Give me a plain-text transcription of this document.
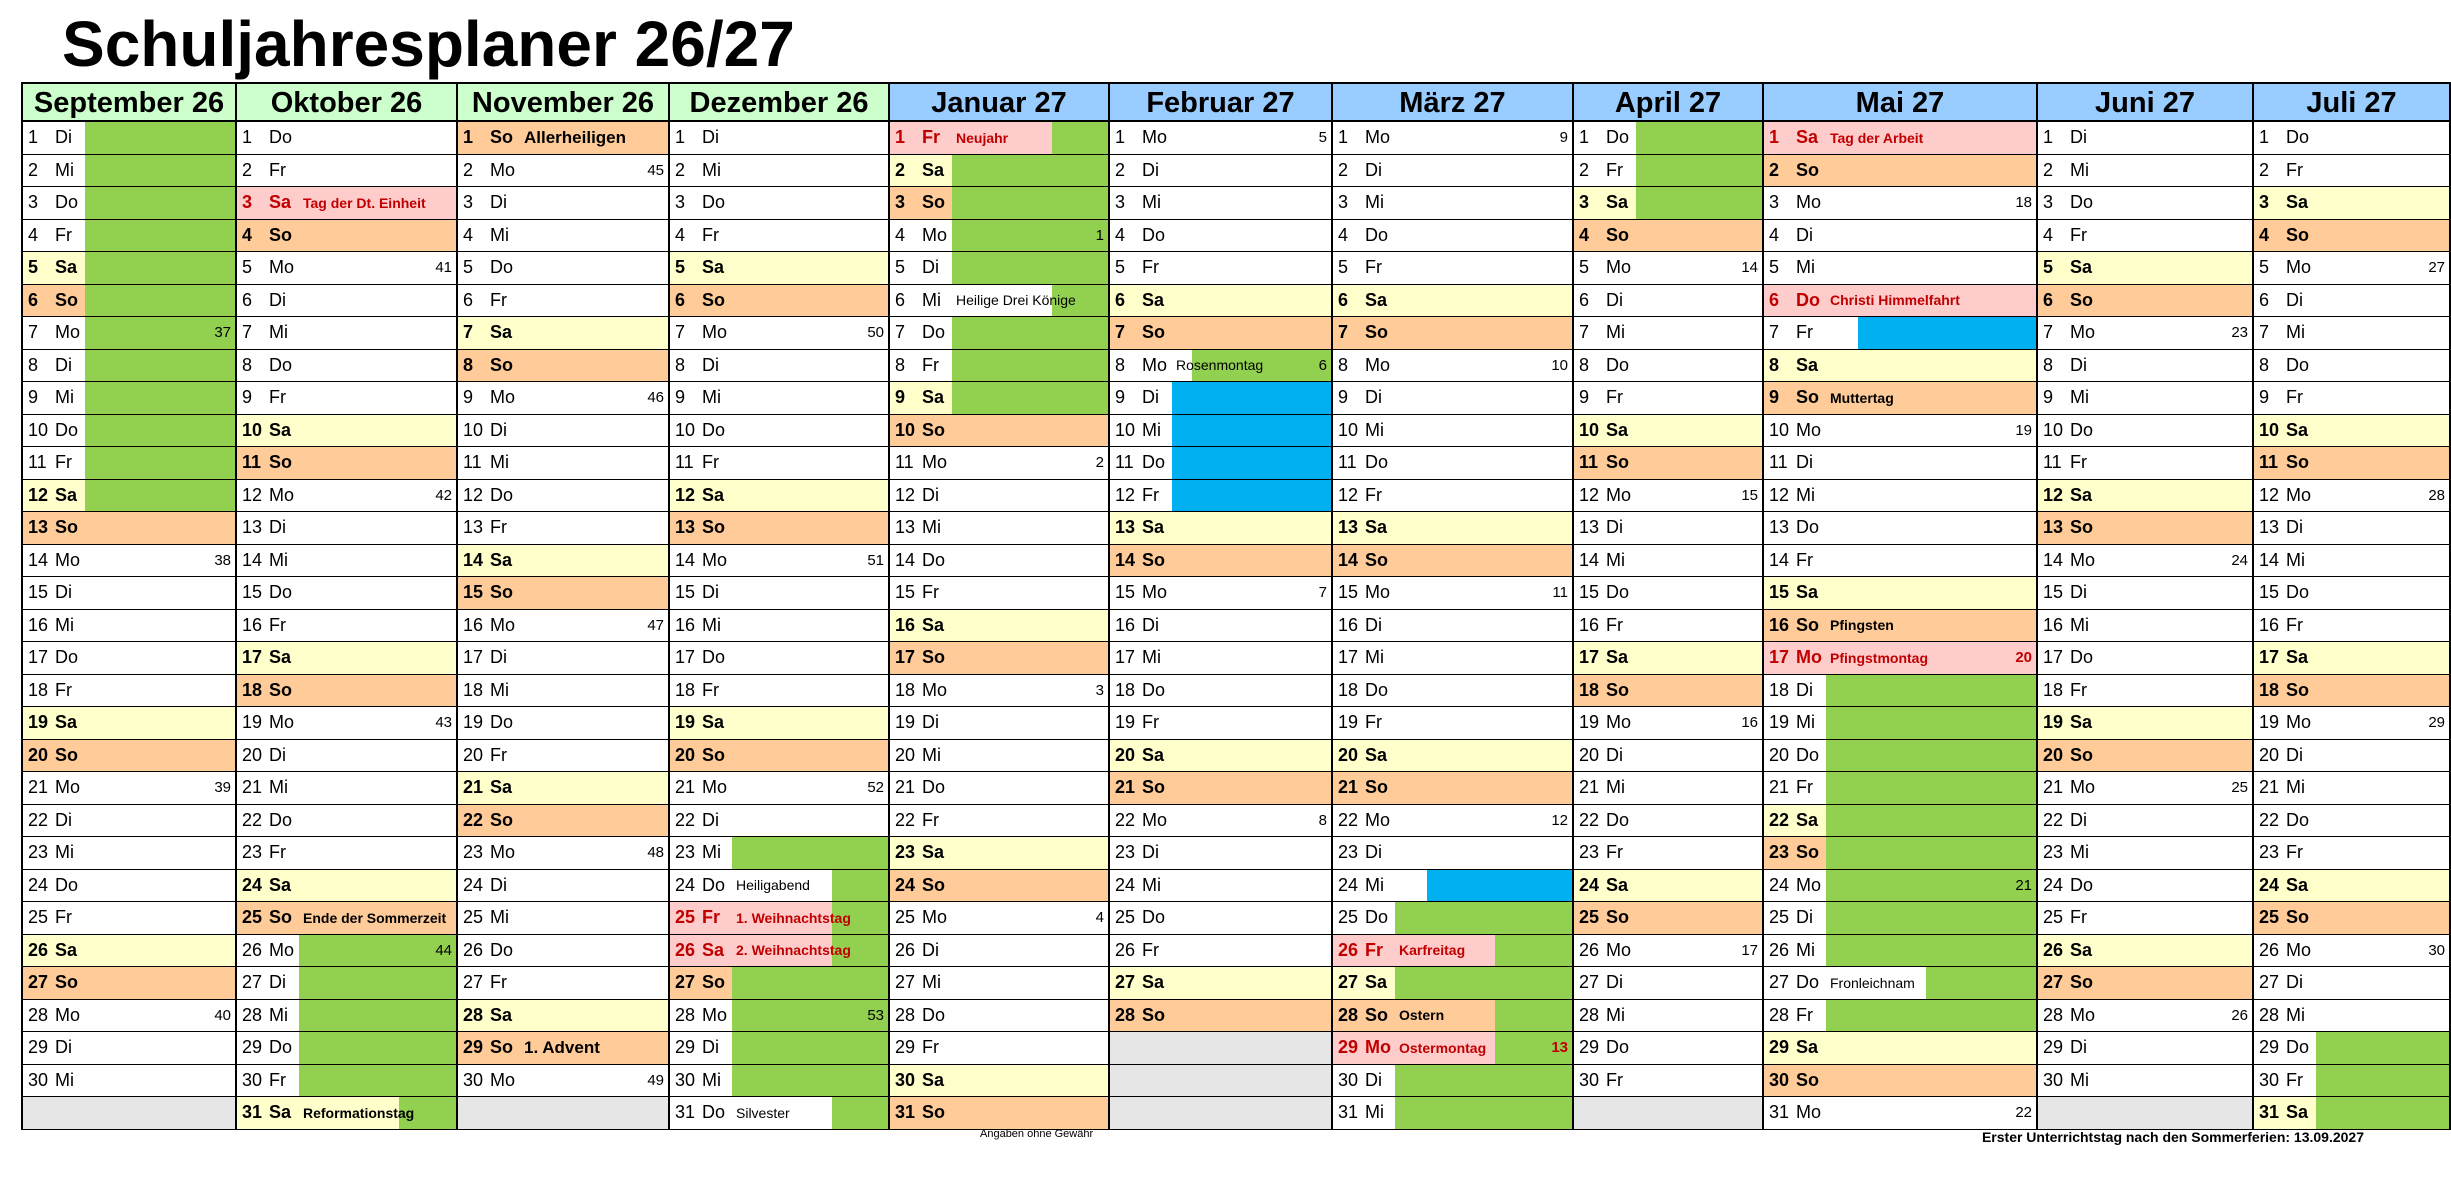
Schuljahresplaner 26/27
September 26
1 Di
2 Mi
3 Do
4 Fr
5 Sa
6 So
7 Mo	37
8 Di
9 Mi
10 Do
11 Fr
12 Sa
13 So
14 Mo	38
15 Di
16 Mi
17 Do
18 Fr
19 Sa
20 So
21 Mo	39
22 Di
23 Mi
24 Do
25 Fr
26 Sa
27 So
28 Mo	40
29 Di
30 Mi
Oktober 26
1 Do
2 Fr
3 Sa Tag der Dt. Einheit
4 So
5 Mo	41
6 Di
7 Mi
8 Do
9 Fr
10 Sa
11 So
12 Mo	42
13 Di
14 Mi
15 Do
16 Fr
17 Sa
18 So
19 Mo	43
20 Di
21 Mi
22 Do
23 Fr
24 Sa
25 So Ende der Sommerzeit
26 Mo	44
27 Di
28 Mi
29 Do
30 Fr
31 Sa Reformationstag
November 26
1 So Allerheiligen
2 Mo	45
3 Di
4 Mi
5 Do
6 Fr
7 Sa
8 So
9 Mo	46
10 Di
11 Mi
12 Do
13 Fr
14 Sa
15 So
16 Mo	47
17 Di
18 Mi
19 Do
20 Fr
21 Sa
22 So
23 Mo	48
24 Di
25 Mi
26 Do
27 Fr
28 Sa
29 So 1. Advent
30 Mo	49
Dezember 26
1 Di
2 Mi
3 Do
4 Fr
5 Sa
6 So
7 Mo	50
8 Di
9 Mi
10 Do
11 Fr
12 Sa
13 So
14 Mo	51
15 Di
16 Mi
17 Do
18 Fr
19 Sa
20 So
21 Mo	52
22 Di
23 Mi
24 Do Heiligabend
25 Fr	1. Weihnachtstag
26 Sa 2. Weihnachtstag
27 So
28 Mo	53
29 Di
30 Mi
31 Do Silvester
Januar 27
1 Fr	Neujahr
2 Sa
3 So
4 Mo	1
5 Di
6 Mi	Heilige Drei Könige
7 Do
8 Fr
9 Sa
10 So
11 Mo	2
12 Di
13 Mi
14 Do
15 Fr
16 Sa
17 So
18 Mo	3
19 Di
20 Mi
21 Do
22 Fr
23 Sa
24 So
25 Mo	4
26 Di
27 Mi
28 Do
29 Fr
30 Sa
31 So
Februar 27
1 Mo	5
2 Di
3 Mi
4 Do
5 Fr
6 Sa
7 So
8 Mo Rosenmontag	6
9 Di
10 Mi
11 Do
12 Fr
13 Sa
14 So
15 Mo	7
16 Di
17 Mi
18 Do
19 Fr
20 Sa
21 So
22 Mo	8
23 Di
24 Mi
25 Do
26 Fr
27 Sa
28 So
März 27
1 Mo	9
2 Di
3 Mi
4 Do
5 Fr
6 Sa
7 So
8 Mo	10
9 Di
10 Mi
11 Do
12 Fr
13 Sa
14 So
15 Mo	11
16 Di
17 Mi
18 Do
19 Fr
20 Sa
21 So
22 Mo	12
23 Di
24 Mi
25 Do
26 Fr	Karfreitag
27 Sa
28 So Ostern
29 Mo Ostermontag	13
30 Di
31 Mi
April 27
1 Do
2 Fr
3 Sa
4 So
5 Mo	14
6 Di
7 Mi
8 Do
9 Fr
10 Sa
11 So
12 Mo	15
13 Di
14 Mi
15 Do
16 Fr
17 Sa
18 So
19 Mo	16
20 Di
21 Mi
22 Do
23 Fr
24 Sa
25 So
26 Mo	17
27 Di
28 Mi
29 Do
30 Fr
Mai 27
1 Sa Tag der Arbeit
2 So
3 Mo	18
4 Di
5 Mi
6 Do Christi Himmelfahrt
7 Fr
8 Sa
9 So Muttertag
10 Mo	19
11 Di
12 Mi
13 Do
14 Fr
15 Sa
16 So Pfingsten
17 Mo Pfingstmontag	20
18 Di
19 Mi
20 Do
21 Fr
22 Sa
23 So
24 Mo	21
25 Di
26 Mi
27 Do Fronleichnam
28 Fr
29 Sa
30 So
31 Mo	22
Juni 27
1 Di
2 Mi
3 Do
4 Fr
5 Sa
6 So
7 Mo	23
8 Di
9 Mi
10 Do
11 Fr
12 Sa
13 So
14 Mo	24
15 Di
16 Mi
17 Do
18 Fr
19 Sa
20 So
21 Mo	25
22 Di
23 Mi
24 Do
25 Fr
26 Sa
27 So
28 Mo	26
29 Di
30 Mi
Juli 27
1 Do
2 Fr
3 Sa
4 So
5 Mo	27
6 Di
7 Mi
8 Do
9 Fr
10 Sa
11 So
12 Mo	28
13 Di
14 Mi
15 Do
16 Fr
17 Sa
18 So
19 Mo	29
20 Di
21 Mi
22 Do
23 Fr
24 Sa
25 So
26 Mo	30
27 Di
28 Mi
29 Do
30 Fr
31 Sa
Angaben ohne Gewähr	Erster Unterrichtstag nach den Sommerferien: 13.09.2027
